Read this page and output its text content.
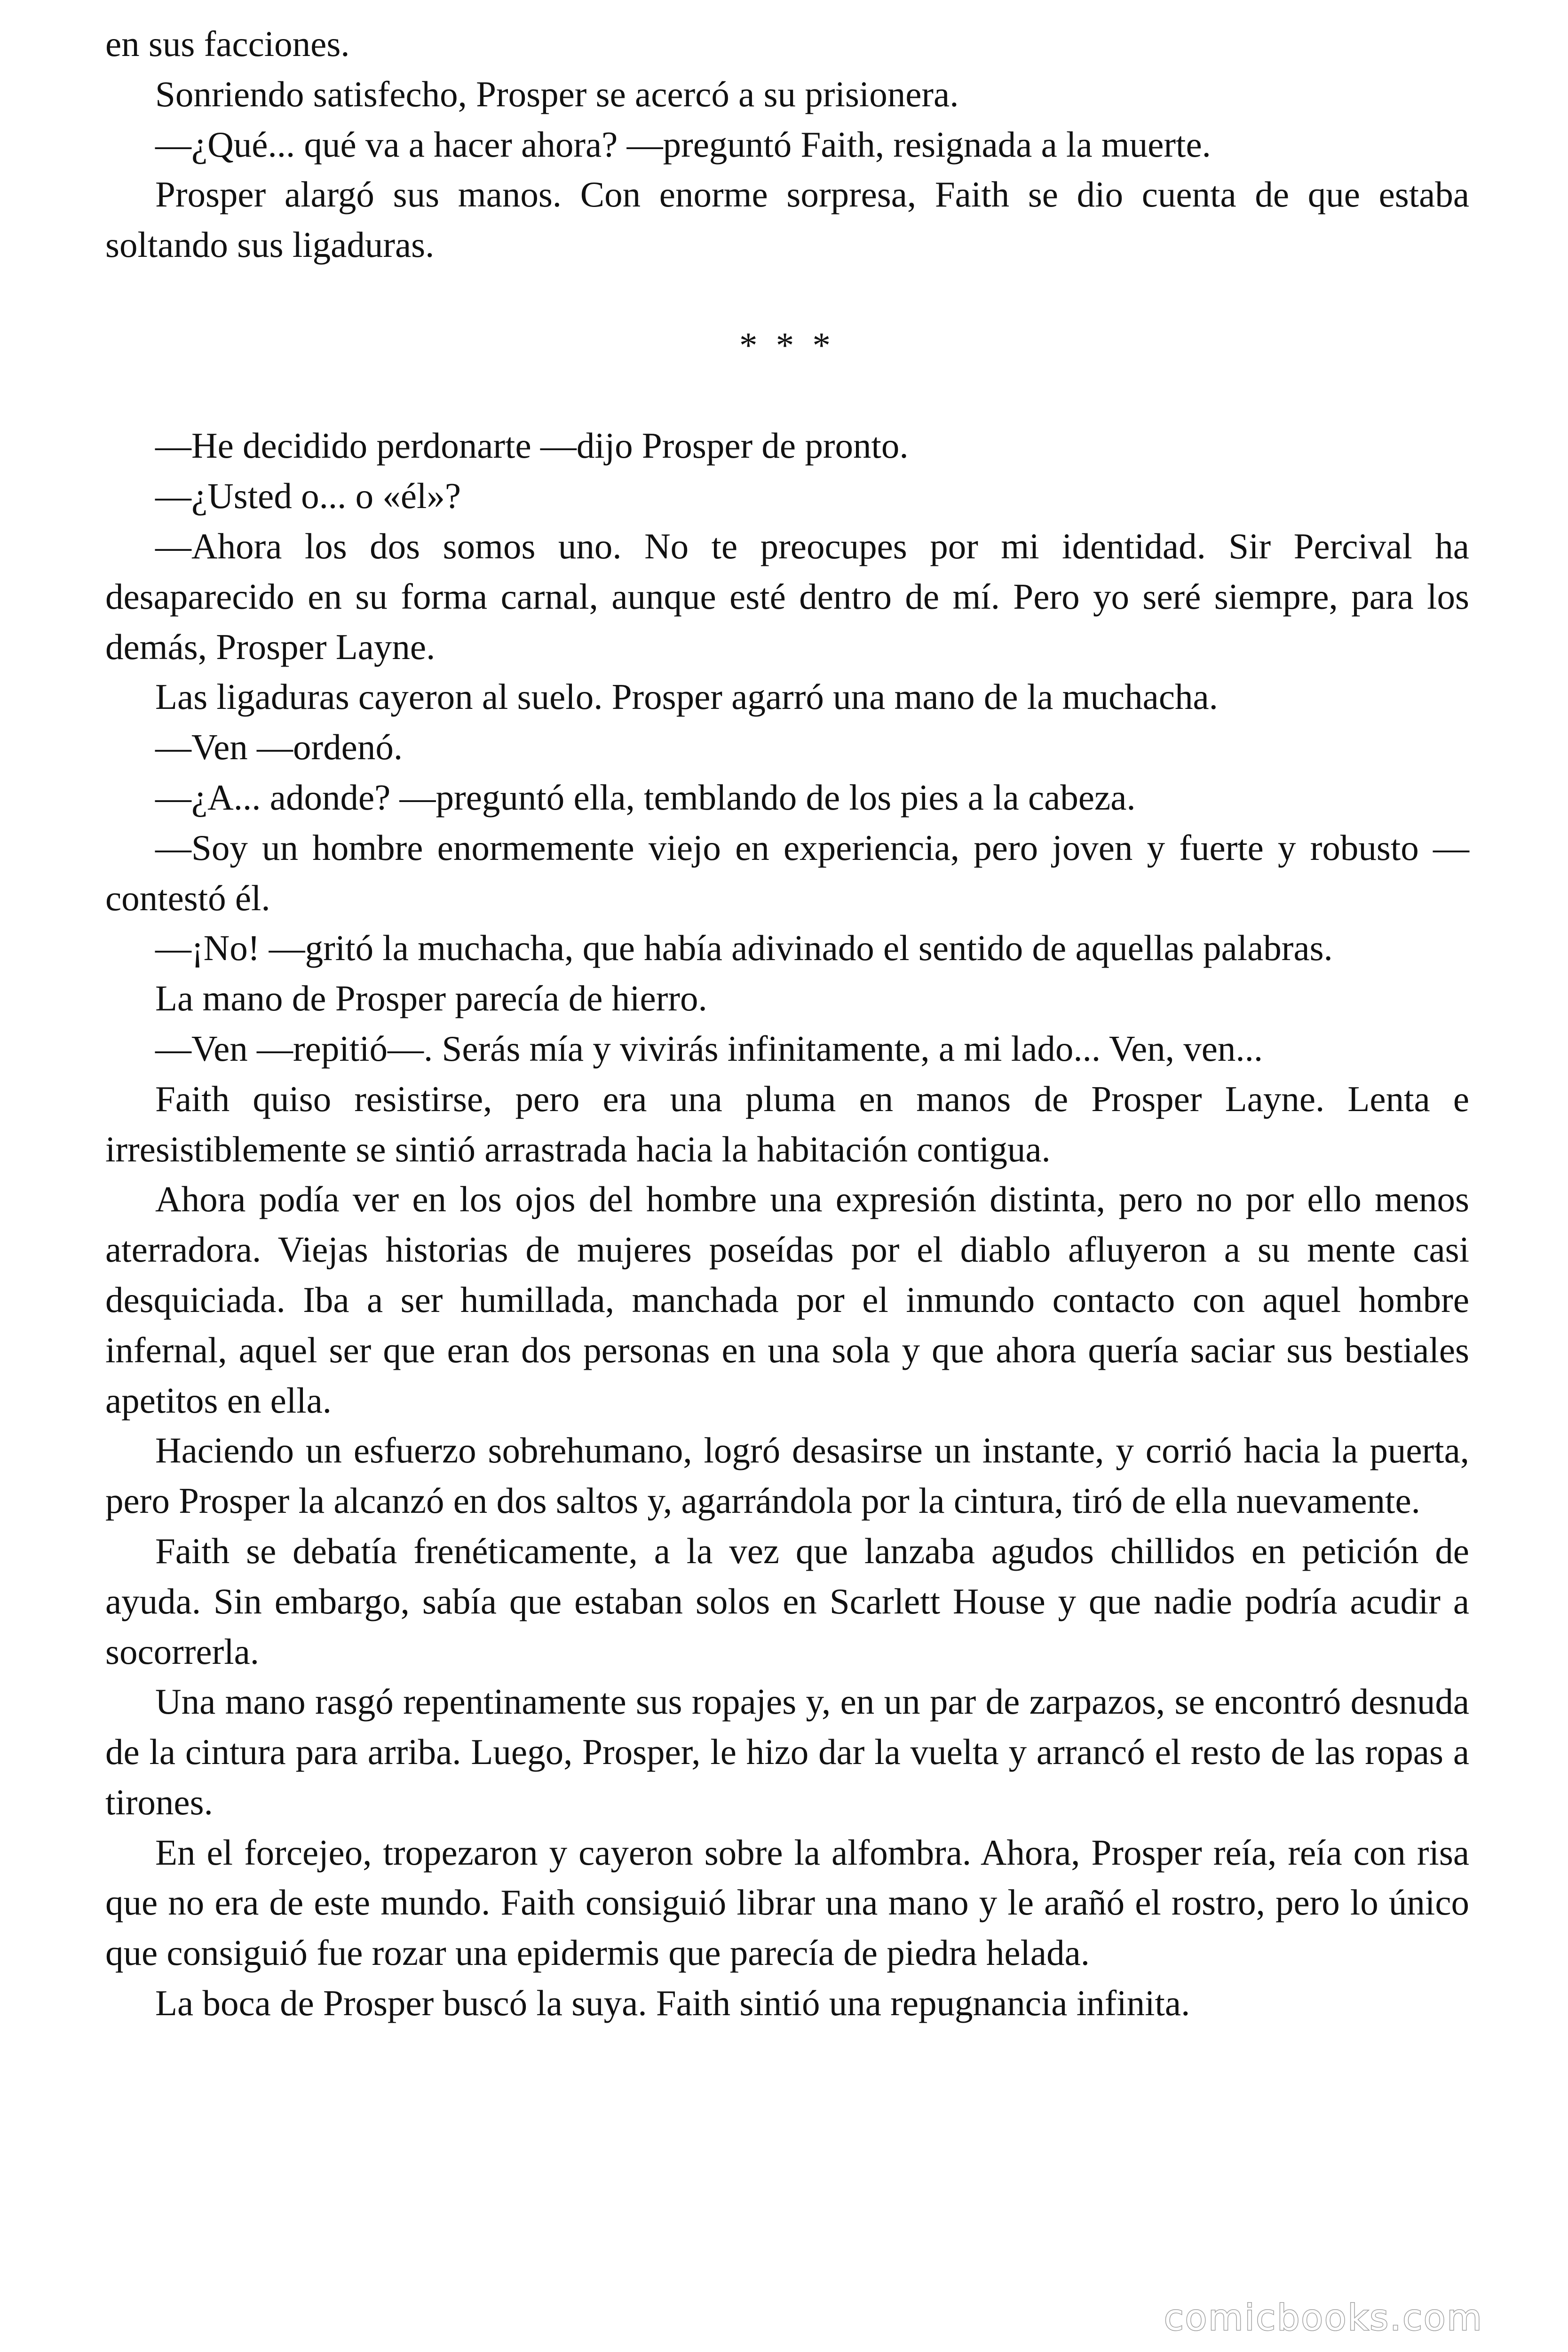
en sus facciones.

Sonriendo satisfecho, Prosper se acercó a su prisionera.

—¿Qué... qué va a hacer ahora? —preguntó Faith, resignada a la muerte.

Prosper alargó sus manos. Con enorme sorpresa, Faith se dio cuenta de que estaba soltando sus ligaduras.

* * *

—He decidido perdonarte —dijo Prosper de pronto.

—¿Usted o... o «él»?

—Ahora los dos somos uno. No te preocupes por mi identidad. Sir Percival ha desaparecido en su forma carnal, aunque esté dentro de mí. Pero yo seré siempre, para los demás, Prosper Layne.

Las ligaduras cayeron al suelo. Prosper agarró una mano de la muchacha.

—Ven —ordenó.

—¿A... adonde? —preguntó ella, temblando de los pies a la cabeza.

—Soy un hombre enormemente viejo en experiencia, pero joven y fuerte y robusto —contestó él.

—¡No! —gritó la muchacha, que había adivinado el sentido de aquellas palabras.

La mano de Prosper parecía de hierro.

—Ven —repitió—. Serás mía y vivirás infinitamente, a mi lado... Ven, ven...

Faith quiso resistirse, pero era una pluma en manos de Prosper Layne. Lenta e irresistiblemente se sintió arrastrada hacia la habitación contigua.

Ahora podía ver en los ojos del hombre una expresión distinta, pero no por ello menos aterradora. Viejas historias de mujeres poseídas por el diablo afluyeron a su mente casi desquiciada. Iba a ser humillada, manchada por el inmundo contacto con aquel hombre infernal, aquel ser que eran dos personas en una sola y que ahora quería saciar sus bestiales apetitos en ella.

Haciendo un esfuerzo sobrehumano, logró desasirse un instante, y corrió hacia la puerta, pero Prosper la alcanzó en dos saltos y, agarrándola por la cintura, tiró de ella nuevamente.

Faith se debatía frenéticamente, a la vez que lanzaba agudos chillidos en petición de ayuda. Sin embargo, sabía que estaban solos en Scarlett House y que nadie podría acudir a socorrerla.

Una mano rasgó repentinamente sus ropajes y, en un par de zarpazos, se encontró desnuda de la cintura para arriba. Luego, Prosper, le hizo dar la vuelta y arrancó el resto de las ropas a tirones.

En el forcejeo, tropezaron y cayeron sobre la alfombra. Ahora, Prosper reía, reía con risa que no era de este mundo. Faith consiguió librar una mano y le arañó el rostro, pero lo único que consiguió fue rozar una epidermis que parecía de piedra helada.

La boca de Prosper buscó la suya. Faith sintió una repugnancia infinita.

comicbooks.com
